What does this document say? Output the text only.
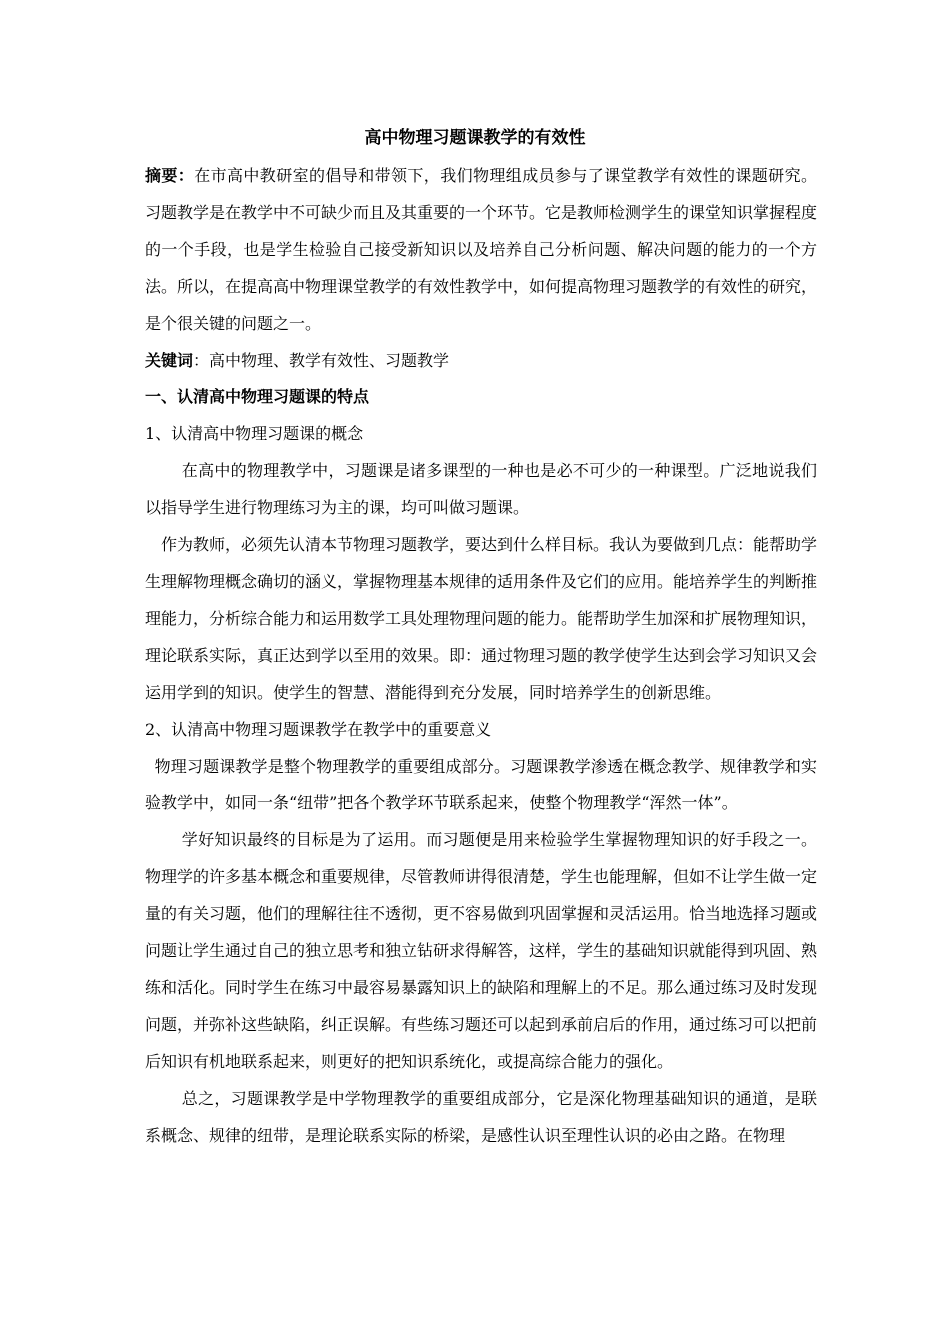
高中物理习题课教学的有效性

摘要：在市高中教研室的倡导和带领下，我们物理组成员参与了课堂教学有效性的课题研究。习题教学是在教学中不可缺少而且及其重要的一个环节。它是教师检测学生的课堂知识掌握程度的一个手段，也是学生检验自己接受新知识以及培养自己分析问题、解决问题的能力的一个方法。所以，在提高高中物理课堂教学的有效性教学中，如何提高物理习题教学的有效性的研究，是个很关键的问题之一。

关键词：高中物理、教学有效性、习题教学

一、认清高中物理习题课的特点

1、认清高中物理习题课的概念

在高中的物理教学中，习题课是诸多课型的一种也是必不可少的一种课型。广泛地说我们以指导学生进行物理练习为主的课，均可叫做习题课。

作为教师，必须先认清本节物理习题教学，要达到什么样目标。我认为要做到几点：能帮助学生理解物理概念确切的涵义，掌握物理基本规律的适用条件及它们的应用。能培养学生的判断推理能力，分析综合能力和运用数学工具处理物理问题的能力。能帮助学生加深和扩展物理知识，理论联系实际，真正达到学以至用的效果。即：通过物理习题的教学使学生达到会学习知识又会运用学到的知识。使学生的智慧、潜能得到充分发展，同时培养学生的创新思维。

2、认清高中物理习题课教学在教学中的重要意义

物理习题课教学是整个物理教学的重要组成部分。习题课教学渗透在概念教学、规律教学和实验教学中，如同一条“纽带”把各个教学环节联系起来，使整个物理教学“浑然一体”。

学好知识最终的目标是为了运用。而习题便是用来检验学生掌握物理知识的好手段之一。物理学的许多基本概念和重要规律，尽管教师讲得很清楚，学生也能理解，但如不让学生做一定量的有关习题，他们的理解往往不透彻，更不容易做到巩固掌握和灵活运用。恰当地选择习题或问题让学生通过自己的独立思考和独立钻研求得解答，这样，学生的基础知识就能得到巩固、熟练和活化。同时学生在练习中最容易暴露知识上的缺陷和理解上的不足。那么通过练习及时发现问题，并弥补这些缺陷，纠正误解。有些练习题还可以起到承前启后的作用，通过练习可以把前后知识有机地联系起来，则更好的把知识系统化，或提高综合能力的强化。

总之，习题课教学是中学物理教学的重要组成部分，它是深化物理基础知识的通道，是联系概念、规律的纽带，是理论联系实际的桥梁，是感性认识至理性认识的必由之路。在物理
